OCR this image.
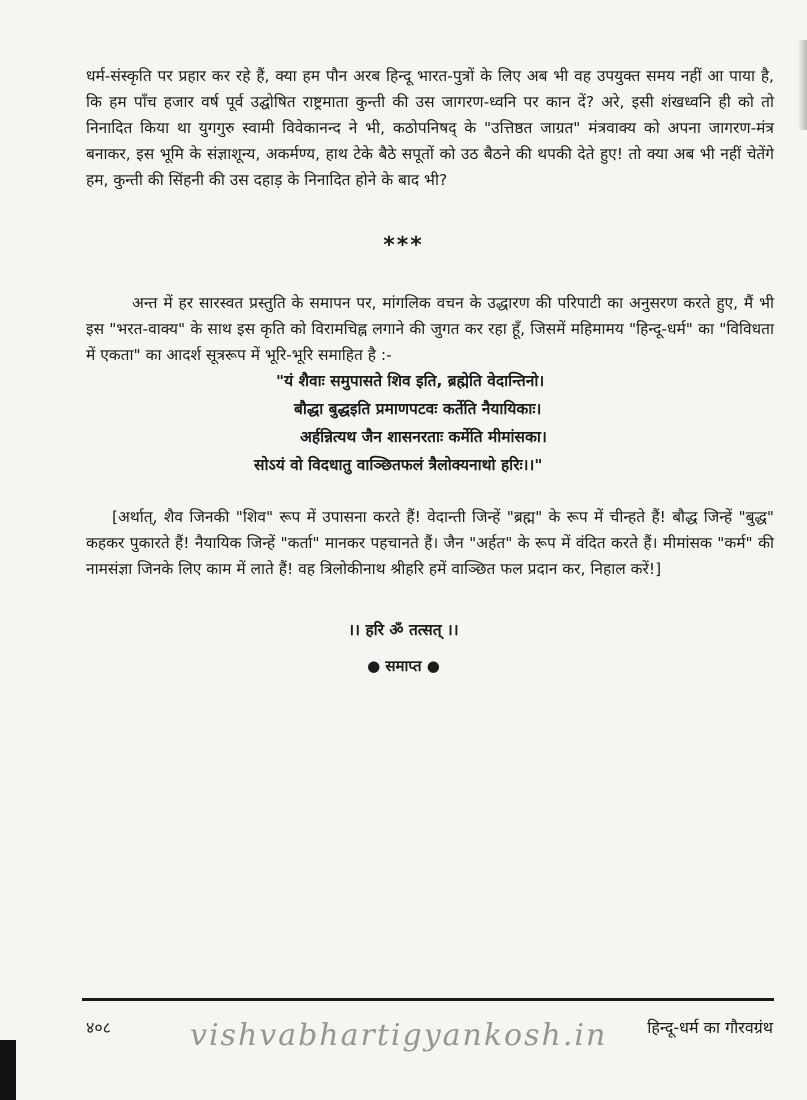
धर्म-संस्कृति पर प्रहार कर रहे हैं, क्या हम पौन अरब हिन्दू भारत-पुत्रों के लिए अब भी वह उपयुक्त समय नहीं आ पाया है, कि हम पाँच हजार वर्ष पूर्व उद्घोषित राष्ट्रमाता कुन्ती की उस जागरण-ध्वनि पर कान दें? अरे, इसी शंखध्वनि ही को तो निनादित किया था युगगुरु स्वामी विवेकानन्द ने भी, कठोपनिषद् के "उत्तिष्ठत जाग्रत" मंत्रवाक्य को अपना जागरण-मंत्र बनाकर, इस भूमि के संज्ञाशून्य, अकर्मण्य, हाथ टेके बैठे सपूतों को उठ बैठने की थपकी देते हुए! तो क्या अब भी नहीं चेतेंगे हम, कुन्ती की सिंहनी की उस दहाड़ के निनादित होने के बाद भी?

***

अन्त में हर सारस्वत प्रस्तुति के समापन पर, मांगलिक वचन के उद्धारण की परिपाटी का अनुसरण करते हुए, मैं भी इस "भरत-वाक्य" के साथ इस कृति को विरामचिह्न लगाने की जुगत कर रहा हूँ, जिसमें महिमामय "हिन्दू-धर्म" का "विविधता में एकता" का आदर्श सूत्ररूप में भूरि-भूरि समाहित है :-

"यं शैवाः समुपासते शिव इति, ब्रह्मेति वेदान्तिनो।
बौद्धा बुद्धइति प्रमाणपटवः कर्तेति नैयायिकाः।
अर्हन्नित्यथ जैन शासनरताः कर्मेति मीमांसका।
सोऽयं वो विदधातु वाञ्छितफलं त्रैलोक्यनाथो हरिः।।"

[अर्थात्, शैव जिनकी "शिव" रूप में उपासना करते हैं! वेदान्ती जिन्हें "ब्रह्म" के रूप में चीन्हते हैं! बौद्ध जिन्हें "बुद्ध" कहकर पुकारते हैं! नैयायिक जिन्हें "कर्ता" मानकर पहचानते हैं। जैन "अर्हत" के रूप में वंदित करते हैं। मीमांसक "कर्म" की नामसंज्ञा जिनके लिए काम में लाते हैं! वह त्रिलोकीनाथ श्रीहरि हमें वाञ्छित फल प्रदान कर, निहाल करें!]

।। हरि ॐ तत्सत् ।।
● समाप्त ●
४०८	vishvabhartigyankosh.in	हिन्दू-धर्म का गौरवग्रंथ
